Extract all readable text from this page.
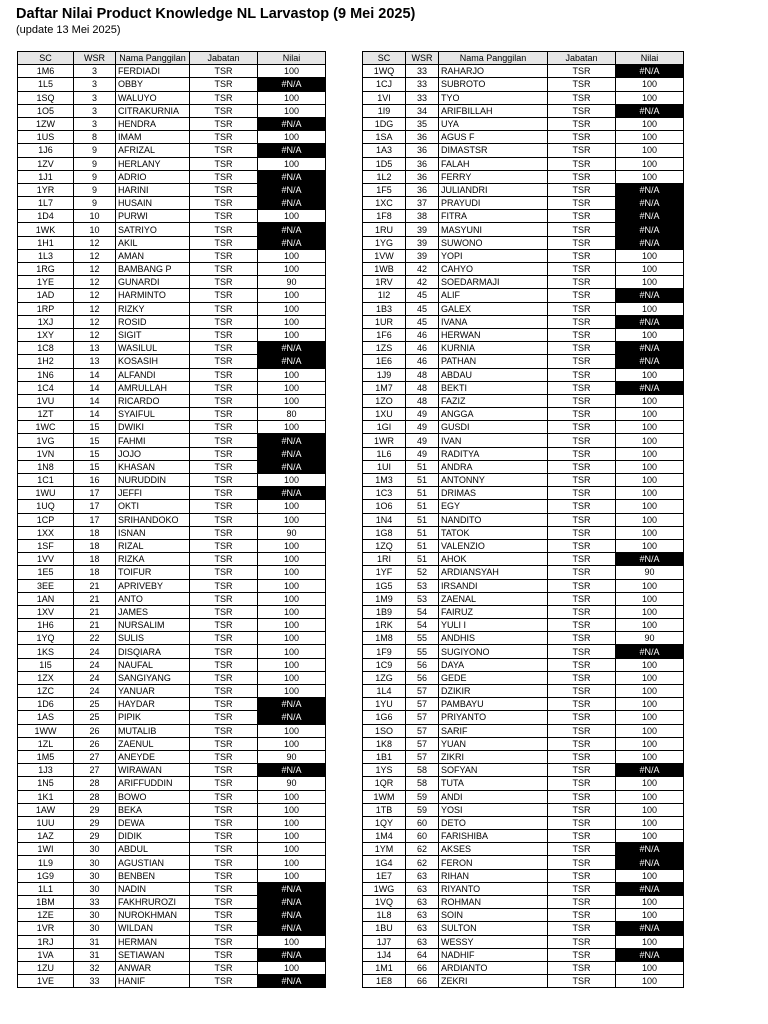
Daftar Nilai Product Knowledge NL Larvastop (9 Mei 2025)
(update 13 Mei 2025)
SC	WSR	Nama Panggilan	Jabatan	Nilai
1M6	3	FERDIADI	TSR	100
1L5	3	OBBY	TSR	#N/A
1SQ	3	WALUYO	TSR	100
1O5	3	CITRAKURNIA	TSR	100
1ZW	3	HENDRA	TSR	#N/A
1US	8	IMAM	TSR	100
1J6	9	AFRIZAL	TSR	#N/A
1ZV	9	HERLANY	TSR	100
1J1	9	ADRIO	TSR	#N/A
1YR	9	HARINI	TSR	#N/A
1L7	9	HUSAIN	TSR	#N/A
1D4	10	PURWI	TSR	100
1WK	10	SATRIYO	TSR	#N/A
1H1	12	AKIL	TSR	#N/A
1L3	12	AMAN	TSR	100
1RG	12	BAMBANG P	TSR	100
1YE	12	GUNARDI	TSR	90
1AD	12	HARMINTO	TSR	100
1RP	12	RIZKY	TSR	100
1XJ	12	ROSID	TSR	100
1XY	12	SIGIT	TSR	100
1C8	13	WASILUL	TSR	#N/A
1H2	13	KOSASIH	TSR	#N/A
1N6	14	ALFANDI	TSR	100
1C4	14	AMRULLAH	TSR	100
1VU	14	RICARDO	TSR	100
1ZT	14	SYAIFUL	TSR	80
1WC	15	DWIKI	TSR	100
1VG	15	FAHMI	TSR	#N/A
1VN	15	JOJO	TSR	#N/A
1N8	15	KHASAN	TSR	#N/A
1C1	16	NURUDDIN	TSR	100
1WU	17	JEFFI	TSR	#N/A
1UQ	17	OKTI	TSR	100
1CP	17	SRIHANDOKO	TSR	100
1XX	18	ISNAN	TSR	90
1SF	18	RIZAL	TSR	100
1VV	18	RIZKA	TSR	100
1E5	18	TOIFUR	TSR	100
3EE	21	APRIVEBY	TSR	100
1AN	21	ANTO	TSR	100
1XV	21	JAMES	TSR	100
1H6	21	NURSALIM	TSR	100
1YQ	22	SULIS	TSR	100
1KS	24	DISQIARA	TSR	100
1I5	24	NAUFAL	TSR	100
1ZX	24	SANGIYANG	TSR	100
1ZC	24	YANUAR	TSR	100
1D6	25	HAYDAR	TSR	#N/A
1AS	25	PIPIK	TSR	#N/A
1WW	26	MUTALIB	TSR	100
1ZL	26	ZAENUL	TSR	100
1M5	27	ANEYDE	TSR	90
1J3	27	WIRAWAN	TSR	#N/A
1N5	28	ARIFFUDDIN	TSR	90
1K1	28	BOWO	TSR	100
1AW	29	BEKA	TSR	100
1UU	29	DEWA	TSR	100
1AZ	29	DIDIK	TSR	100
1WI	30	ABDUL	TSR	100
1L9	30	AGUSTIAN	TSR	100
1G9	30	BENBEN	TSR	100
1L1	30	NADIN	TSR	#N/A
1BM	33	FAKHRUROZI	TSR	#N/A
1ZE	30	NUROKHMAN	TSR	#N/A
1VR	30	WILDAN	TSR	#N/A
1RJ	31	HERMAN	TSR	100
1VA	31	SETIAWAN	TSR	#N/A
1ZU	32	ANWAR	TSR	100
1VE	33	HANIF	TSR	#N/A
SC	WSR	Nama Panggilan	Jabatan	Nilai
1WQ	33	RAHARJO	TSR	#N/A
1CJ	33	SUBROTO	TSR	100
1VI	33	TYO	TSR	100
1I9	34	ARIFBILLAH	TSR	#N/A
1DG	35	UYA	TSR	100
1SA	36	AGUS F	TSR	100
1A3	36	DIMASTSR	TSR	100
1D5	36	FALAH	TSR	100
1L2	36	FERRY	TSR	100
1F5	36	JULIANDRI	TSR	#N/A
1XC	37	PRAYUDI	TSR	#N/A
1F8	38	FITRA	TSR	#N/A
1RU	39	MASYUNI	TSR	#N/A
1YG	39	SUWONO	TSR	#N/A
1VW	39	YOPI	TSR	100
1WB	42	CAHYO	TSR	100
1RV	42	SOEDARMAJI	TSR	100
1I2	45	ALIF	TSR	#N/A
1B3	45	GALEX	TSR	100
1UR	45	IVANA	TSR	#N/A
1F6	46	HERWAN	TSR	100
1ZS	46	KURNIA	TSR	#N/A
1E6	46	PATHAN	TSR	#N/A
1J9	48	ABDAU	TSR	100
1M7	48	BEKTI	TSR	#N/A
1ZO	48	FAZIZ	TSR	100
1XU	49	ANGGA	TSR	100
1GI	49	GUSDI	TSR	100
1WR	49	IVAN	TSR	100
1L6	49	RADITYA	TSR	100
1UI	51	ANDRA	TSR	100
1M3	51	ANTONNY	TSR	100
1C3	51	DRIMAS	TSR	100
1O6	51	EGY	TSR	100
1N4	51	NANDITO	TSR	100
1G8	51	TATOK	TSR	100
1ZQ	51	VALENZIO	TSR	100
1RI	51	AHOK	TSR	#N/A
1YF	52	ARDIANSYAH	TSR	90
1G5	53	IRSANDI	TSR	100
1M9	53	ZAENAL	TSR	100
1B9	54	FAIRUZ	TSR	100
1RK	54	YULI I	TSR	100
1M8	55	ANDHIS	TSR	90
1F9	55	SUGIYONO	TSR	#N/A
1C9	56	DAYA	TSR	100
1ZG	56	GEDE	TSR	100
1L4	57	DZIKIR	TSR	100
1YU	57	PAMBAYU	TSR	100
1G6	57	PRIYANTO	TSR	100
1SO	57	SARIF	TSR	100
1K8	57	YUAN	TSR	100
1B1	57	ZIKRI	TSR	100
1YS	58	SOFYAN	TSR	#N/A
1QR	58	TUTA	TSR	100
1WM	59	ANDI	TSR	100
1TB	59	YOSI	TSR	100
1QY	60	DETO	TSR	100
1M4	60	FARISHIBA	TSR	100
1YM	62	AKSES	TSR	#N/A
1G4	62	FERON	TSR	#N/A
1E7	63	RIHAN	TSR	100
1WG	63	RIYANTO	TSR	#N/A
1VQ	63	ROHMAN	TSR	100
1L8	63	SOIN	TSR	100
1BU	63	SULTON	TSR	#N/A
1J7	63	WESSY	TSR	100
1J4	64	NADHIF	TSR	#N/A
1M1	66	ARDIANTO	TSR	100
1E8	66	ZEKRI	TSR	100
